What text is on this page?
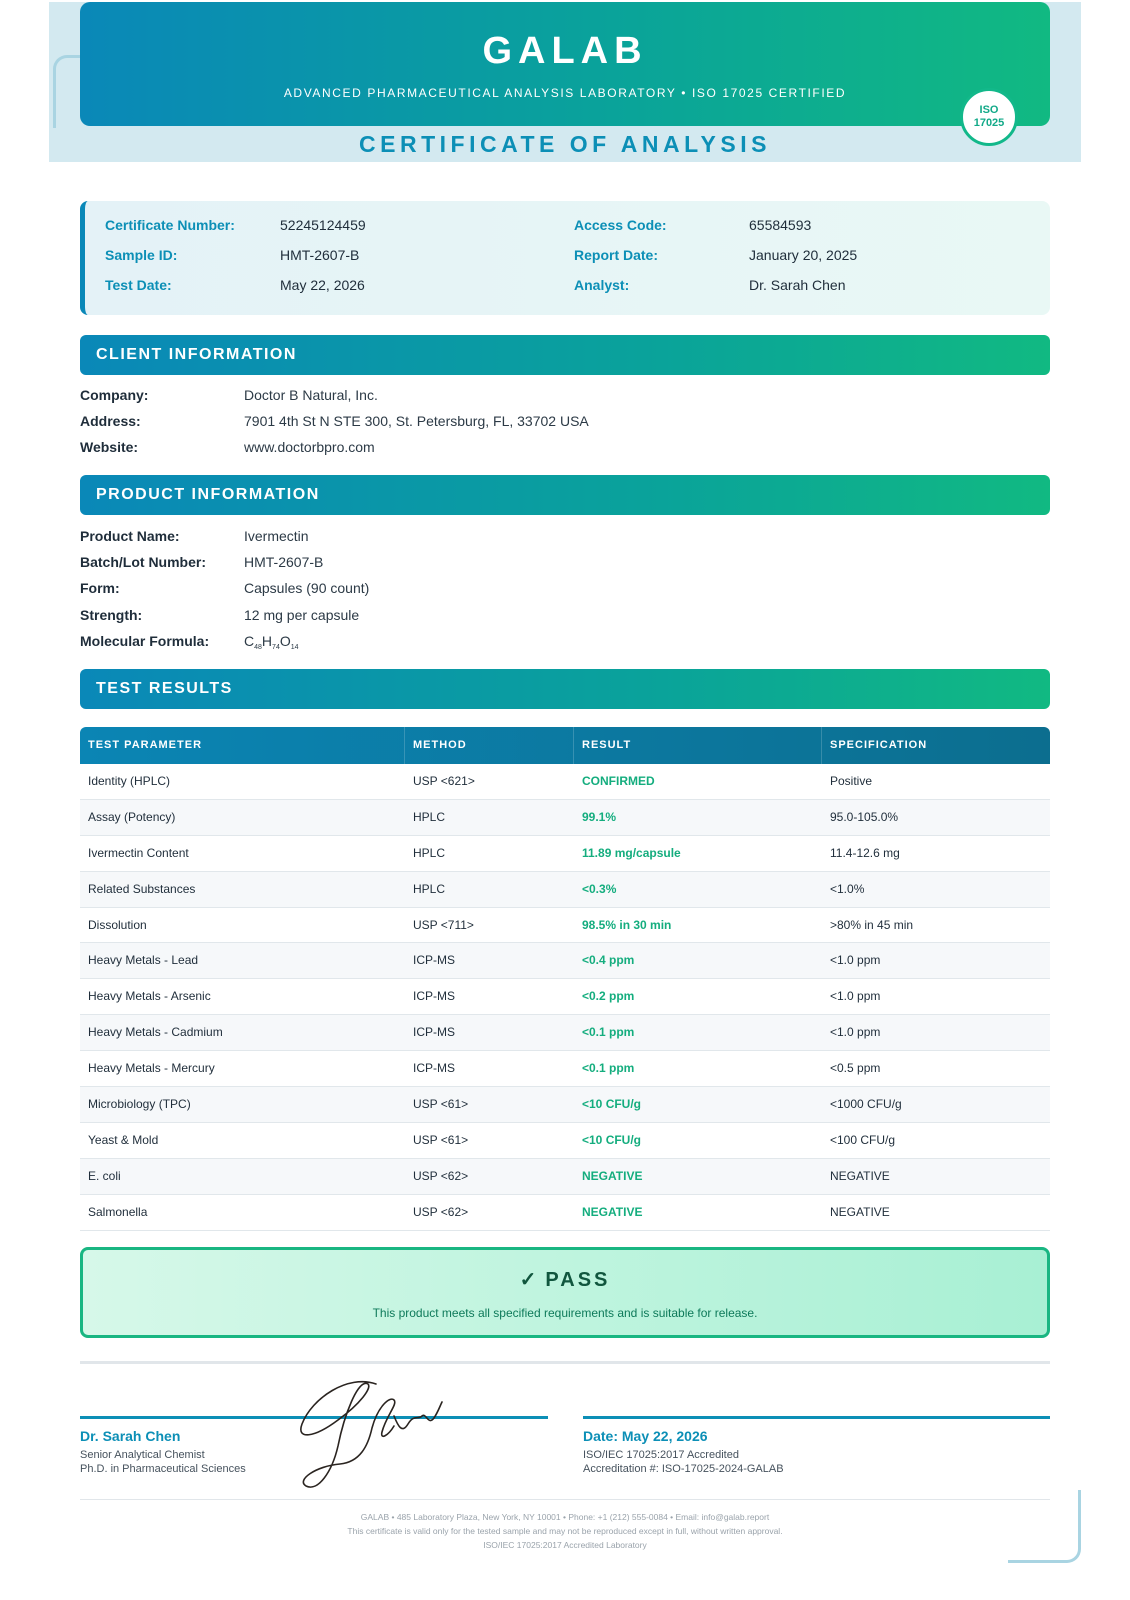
GALAB
ADVANCED PHARMACEUTICAL ANALYSIS LABORATORY • ISO 17025 CERTIFIED
ISO
17025
CERTIFICATE OF ANALYSIS
Certificate Number:	52245124459
Sample ID:	HMT-2607-B
Test Date:	May 22, 2026
Access Code:	65584593
Report Date:	January 20, 2025
Analyst:	Dr. Sarah Chen
CLIENT INFORMATION
Company:	Doctor B Natural, Inc.
Address:	7901 4th St N STE 300, St. Petersburg, FL, 33702 USA
Website:	www.doctorbpro.com
PRODUCT INFORMATION
Product Name:	Ivermectin
Batch/Lot Number:	HMT-2607-B
Form:	Capsules (90 count)
Strength:	12 mg per capsule
Molecular Formula: $C_{48}H_{74}O_{14}$
TEST RESULTS
TEST PARAMETER	METHOD	RESULT	SPECIFICATION
Identity (HPLC)	USP <621>	CONFIRMED	Positive
Assay (Potency)	HPLC	99.1%	95.0-105.0%
Ivermectin Content	HPLC	11.89 mg/capsule	11.4-12.6 mg
Related Substances	HPLC	<0.3%	<1.0%
Dissolution	USP <711>	98.5% in 30 min	>80% in 45 min
Heavy Metals - Lead	ICP-MS	<0.4 ppm	<1.0 ppm
Heavy Metals - Arsenic	ICP-MS	<0.2 ppm	<1.0 ppm
Heavy Metals - Cadmium	ICP-MS	<0.1 ppm	<1.0 ppm
Heavy Metals - Mercury	ICP-MS	<0.1 ppm	<0.5 ppm
Microbiology (TPC)	USP <61>	<10 CFU/g	<1000 CFU/g
Yeast & Mold	USP <61>	<10 CFU/g	<100 CFU/g
E. coli	USP <62>	NEGATIVE	NEGATIVE
Salmonella	USP <62>	NEGATIVE	NEGATIVE
✓ PASS
This product meets all specified requirements and is suitable for release.
Dr. Sarah Chen
Senior Analytical Chemist
Ph.D. in Pharmaceutical Sciences
Date: May 22, 2026
ISO/IEC 17025:2017 Accredited
Accreditation #: ISO-17025-2024-GALAB
GALAB • 485 Laboratory Plaza, New York, NY 10001 • Phone: +1 (212) 555-0084 • Email: info@galab.report
This certificate is valid only for the tested sample and may not be reproduced except in full, without written approval.
ISO/IEC 17025:2017 Accredited Laboratory
